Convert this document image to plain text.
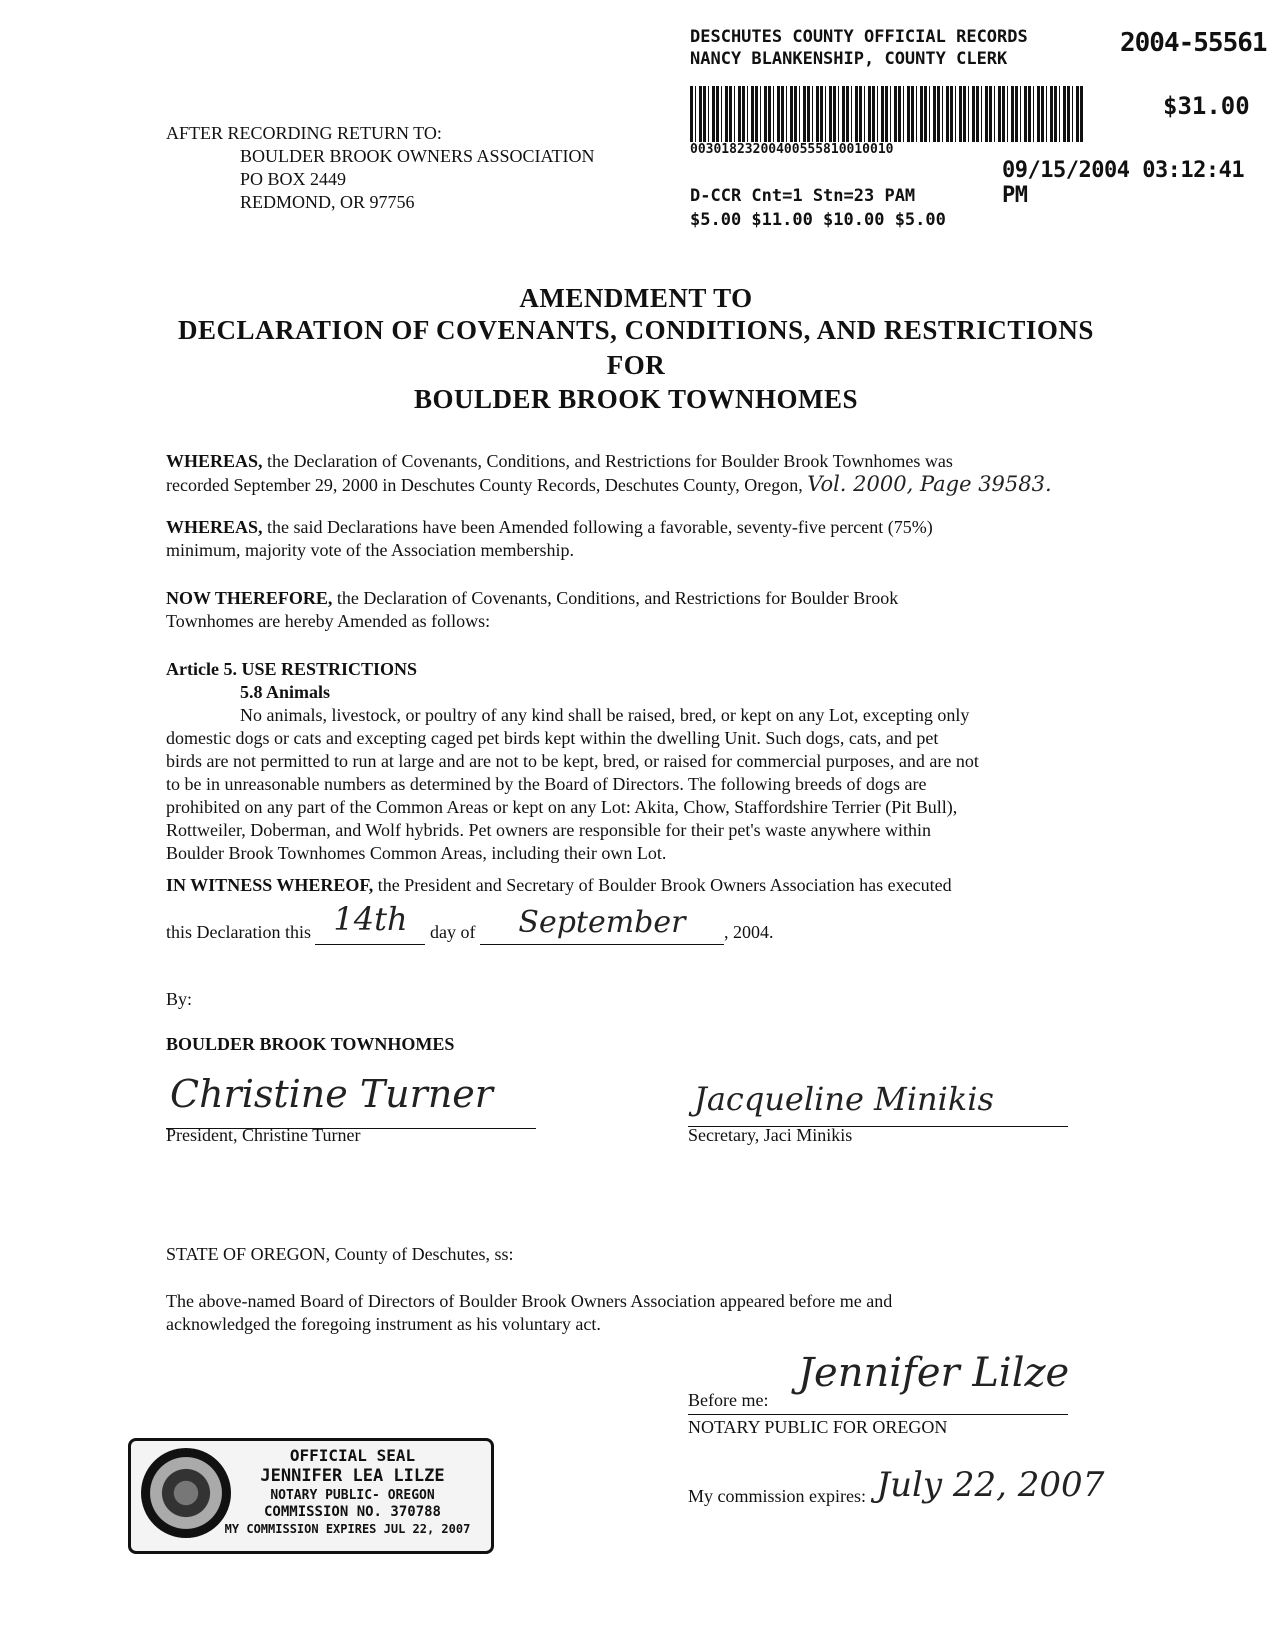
DESCHUTES COUNTY OFFICIAL RECORDS
NANCY BLANKENSHIP, COUNTY CLERK
2004-55561
$31.00
00301823200400555810010010
09/15/2004 03:12:41 PM
D-CCR Cnt=1 Stn=23 PAM
$5.00 $11.00 $10.00 $5.00
AFTER RECORDING RETURN TO:
BOULDER BROOK OWNERS ASSOCIATION
PO BOX 2449
REDMOND, OR 97756
AMENDMENT TO
DECLARATION OF COVENANTS, CONDITIONS, AND RESTRICTIONS
FOR
BOULDER BROOK TOWNHOMES
WHEREAS, the Declaration of Covenants, Conditions, and Restrictions for Boulder Brook Townhomes was
recorded September 29, 2000 in Deschutes County Records, Deschutes County, Oregon, Vol. 2000, Page 39583.
WHEREAS, the said Declarations have been Amended following a favorable, seventy-five percent (75%)
minimum, majority vote of the Association membership.
NOW THEREFORE, the Declaration of Covenants, Conditions, and Restrictions for Boulder Brook
Townhomes are hereby Amended as follows:
Article 5. USE RESTRICTIONS
5.8 Animals
No animals, livestock, or poultry of any kind shall be raised, bred, or kept on any Lot, excepting only
domestic dogs or cats and excepting caged pet birds kept within the dwelling Unit. Such dogs, cats, and pet
birds are not permitted to run at large and are not to be kept, bred, or raised for commercial purposes, and are not
to be in unreasonable numbers as determined by the Board of Directors. The following breeds of dogs are
prohibited on any part of the Common Areas or kept on any Lot: Akita, Chow, Staffordshire Terrier (Pit Bull),
Rottweiler, Doberman, and Wolf hybrids. Pet owners are responsible for their pet's waste anywhere within
Boulder Brook Townhomes Common Areas, including their own Lot.
IN WITNESS WHEREOF, the President and Secretary of Boulder Brook Owners Association has executed
this Declaration this 14th day of September , 2004.
By:
BOULDER BROOK TOWNHOMES
Christine Turner
President, Christine Turner
Jacqueline Minikis
Secretary, Jaci Minikis
STATE OF OREGON, County of Deschutes, ss:
The above-named Board of Directors of Boulder Brook Owners Association appeared before me and
acknowledged the foregoing instrument as his voluntary act.
Before me:
Jennifer Lilze
NOTARY PUBLIC FOR OREGON
My commission expires: July 22, 2007
OFFICIAL SEAL
JENNIFER LEA LILZE
NOTARY PUBLIC- OREGON
COMMISSION NO. 370788
MY COMMISSION EXPIRES JUL 22, 2007
